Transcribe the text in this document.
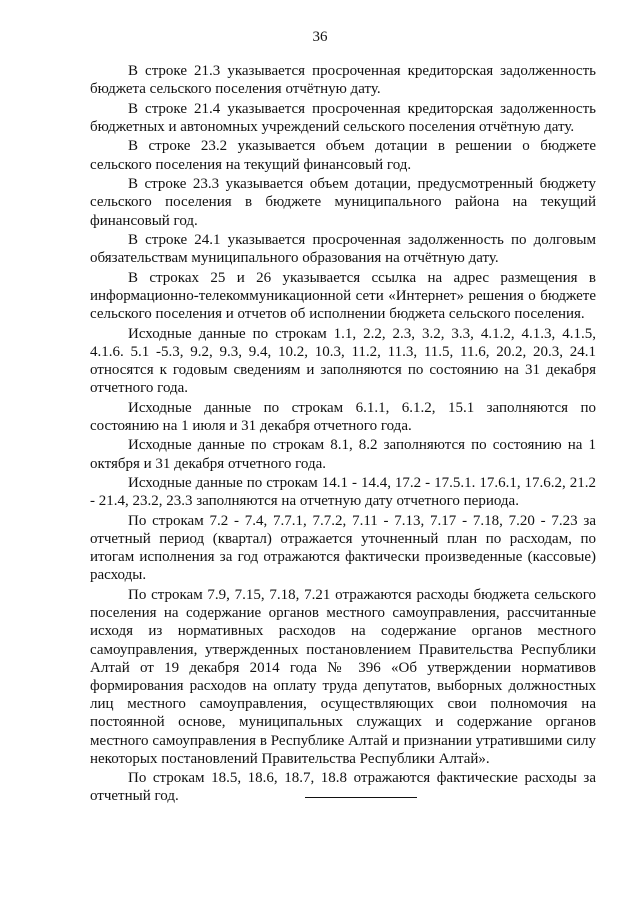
36

В строке 21.3 указывается просроченная кредиторская задолженность бюджета сельского поселения отчётную дату.

В строке 21.4 указывается просроченная кредиторская задолженность бюджетных и автономных учреждений сельского поселения отчётную дату.

В строке 23.2 указывается объем дотации в решении о бюджете сельского поселения на текущий финансовый год.

В строке 23.3 указывается объем дотации, предусмотренный бюджету сельского поселения в бюджете муниципального района на текущий финансовый год.

В строке 24.1 указывается просроченная задолженность по долговым обязательствам муниципального образования на отчётную дату.

В строках 25 и 26 указывается ссылка на адрес размещения в информационно-телекоммуникационной сети «Интернет» решения о бюджете сельского поселения и отчетов об исполнении бюджета сельского поселения.

Исходные данные по строкам 1.1, 2.2, 2.3, 3.2, 3.3, 4.1.2, 4.1.3, 4.1.5, 4.1.6. 5.1 -5.3, 9.2, 9.3, 9.4, 10.2, 10.3, 11.2, 11.3, 11.5, 11.6, 20.2, 20.3, 24.1 относятся к годовым сведениям и заполняются по состоянию на 31 декабря отчетного года.

Исходные данные по строкам 6.1.1, 6.1.2, 15.1 заполняются по состоянию на 1 июля и 31 декабря отчетного года.

Исходные данные по строкам 8.1, 8.2 заполняются по состоянию на 1 октября и 31 декабря отчетного года.

Исходные данные по строкам 14.1 - 14.4, 17.2 - 17.5.1. 17.6.1, 17.6.2, 21.2 - 21.4, 23.2, 23.3 заполняются на отчетную дату отчетного периода.

По строкам 7.2 - 7.4, 7.7.1, 7.7.2, 7.11 - 7.13, 7.17 - 7.18, 7.20 - 7.23 за отчетный период (квартал) отражается уточненный план по расходам, по итогам исполнения за год отражаются фактически произведенные (кассовые) расходы.

По строкам 7.9, 7.15, 7.18, 7.21 отражаются расходы бюджета сельского поселения на содержание органов местного самоуправления, рассчитанные исходя из нормативных расходов на содержание органов местного самоуправления, утвержденных постановлением Правительства Республики Алтай от 19 декабря 2014 года № 396 «Об утверждении нормативов формирования расходов на оплату труда депутатов, выборных должностных лиц местного самоуправления, осуществляющих свои полномочия на постоянной основе, муниципальных служащих и содержание органов местного самоуправления в Республике Алтай и признании утратившими силу некоторых постановлений Правительства Республики Алтай».

По строкам 18.5, 18.6, 18.7, 18.8 отражаются фактические расходы за отчетный год.
